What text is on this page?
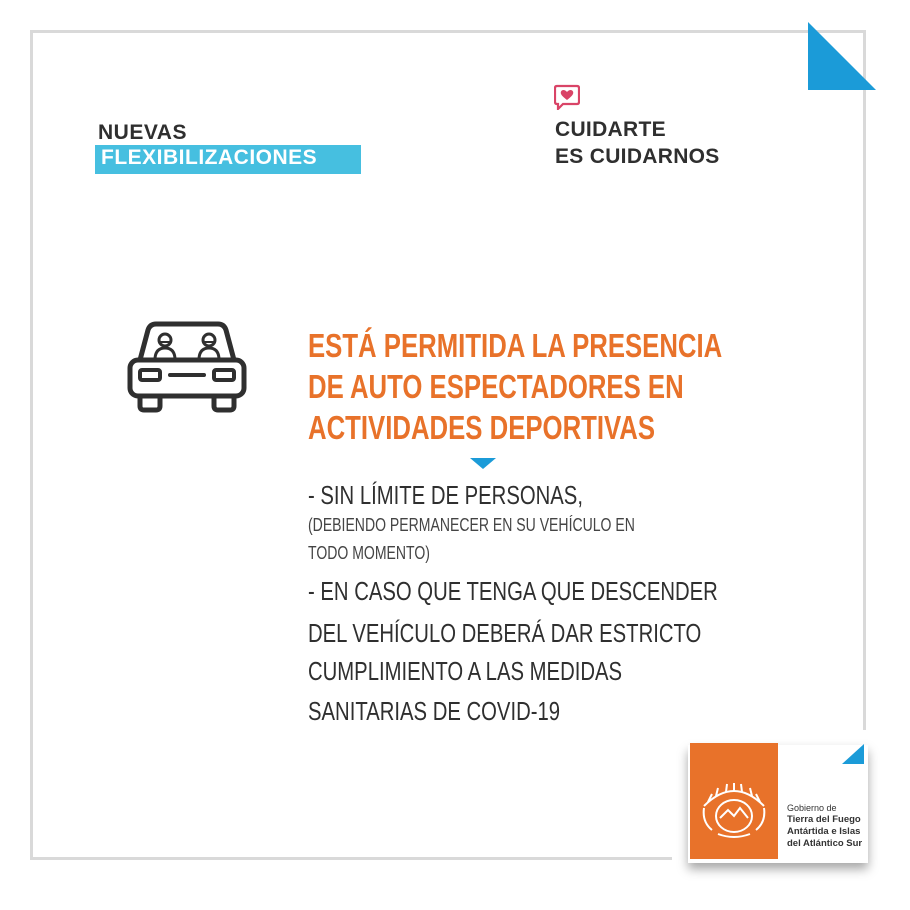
NUEVAS
FLEXIBILIZACIONES
CUIDARTE
ES CUIDARNOS
ESTÁ PERMITIDA LA PRESENCIA
DE AUTO ESPECTADORES EN
ACTIVIDADES DEPORTIVAS
- SIN LÍMITE DE PERSONAS,
(DEBIENDO PERMANECER EN SU VEHÍCULO EN
TODO MOMENTO)
- EN CASO QUE TENGA QUE DESCENDER
DEL VEHÍCULO DEBERÁ DAR ESTRICTO
CUMPLIMIENTO A LAS MEDIDAS
SANITARIAS DE COVID-19
Gobierno de
Tierra del Fuego
Antártida e Islas
del Atlántico Sur
